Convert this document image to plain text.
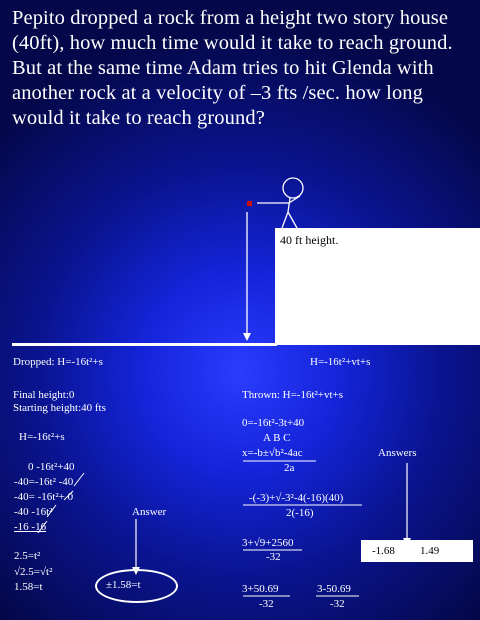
Pepito dropped a rock from a height two story house (40ft), how much time would it take to reach ground. But at the same time Adam tries to hit Glenda with another rock at a velocity of –3 fts /sec. how long would it take to reach ground?
40 ft height.
Dropped: H=-16t²+s
Final height:0
Starting height:40 fts
H=-16t²+s
0 -16t²+40
-40=-16t² -40
-40= -16t²+ 0
-40 -16t²
-16 -16
2.5=t²
√2.5=√t²
1.58=t
Answer
±1.58=t
H=-16t²+vt+s
Thrown: H=-16t²+vt+s
0=-16t²-3t+40
A B C
x=-b±√b²-4ac
2a
Answers
-(-3)+√-3²-4(-16)(40)
2(-16)
3+√9+2560
-32
3+50.69
-32
3-50.69
-32
-1.68 1.49
